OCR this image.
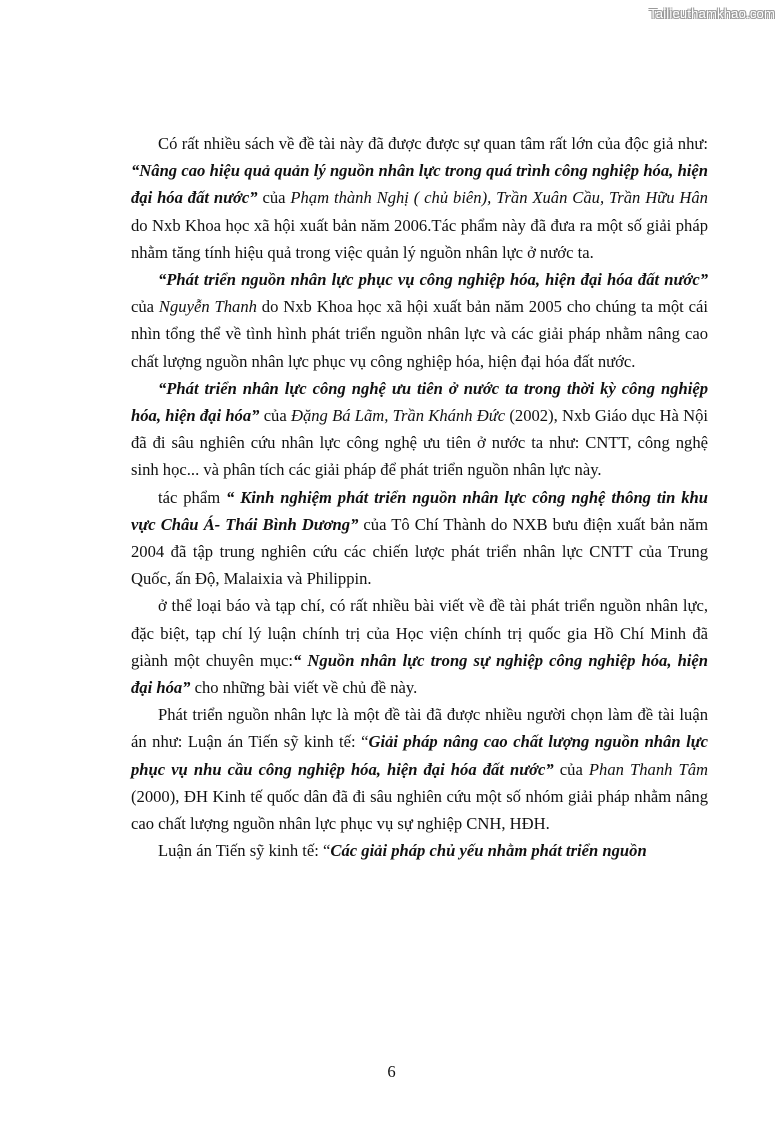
Tailieuthamkhao.com

Có rất nhiều sách về đề tài này đã được được sự quan tâm rất lớn của độc giả như: “Nâng cao hiệu quả quản lý nguồn nhân lực trong quá trình công nghiệp hóa, hiện đại hóa đất nước” của Phạm thành Nghị ( chủ biên), Trần Xuân Cầu, Trần Hữu Hân do Nxb Khoa học xã hội xuất bản năm 2006.Tác phẩm này đã đưa ra một số giải pháp nhằm tăng tính hiệu quả trong việc quản lý nguồn nhân lực ở nước ta.

“Phát triển nguồn nhân lực phục vụ công nghiệp hóa, hiện đại hóa đất nước” của Nguyễn Thanh do Nxb Khoa học xã hội xuất bản năm 2005 cho chúng ta một cái nhìn tổng thể về tình hình phát triển nguồn nhân lực và các giải pháp nhằm nâng cao chất lượng nguồn nhân lực phục vụ công nghiệp hóa, hiện đại hóa đất nước.

“Phát triển nhân lực công nghệ ưu tiên ở nước ta trong thời kỳ công nghiệp hóa, hiện đại hóa” của Đặng Bá Lãm, Trần Khánh Đức (2002), Nxb Giáo dục Hà Nội đã đi sâu nghiên cứu nhân lực công nghệ ưu tiên ở nước ta như: CNTT, công nghệ sinh học... và phân tích các giải pháp để phát triển nguồn nhân lực này.

tác phẩm “ Kinh nghiệm phát triển nguồn nhân lực công nghệ thông tin khu vực Châu Á- Thái Bình Dương” của Tô Chí Thành do NXB bưu điện xuất bản năm 2004 đã tập trung nghiên cứu các chiến lược phát triển nhân lực CNTT của Trung Quốc, ấn Độ, Malaixia và Philippin.

ở thể loại báo và tạp chí, có rất nhiều bài viết về đề tài phát triển nguồn nhân lực, đặc biệt, tạp chí lý luận chính trị của Học viện chính trị quốc gia Hồ Chí Minh đã giành một chuyên mục:“ Nguồn nhân lực trong sự nghiệp công nghiệp hóa, hiện đại hóa” cho những bài viết về chủ đề này.

Phát triển nguồn nhân lực là một đề tài đã được nhiều người chọn làm đề tài luận án như: Luận án Tiến sỹ kinh tế: “Giải pháp nâng cao chất lượng nguồn nhân lực phục vụ nhu cầu công nghiệp hóa, hiện đại hóa đất nước” của Phan Thanh Tâm (2000), ĐH Kinh tế quốc dân đã đi sâu nghiên cứu một số nhóm giải pháp nhằm nâng cao chất lượng nguồn nhân lực phục vụ sự nghiệp CNH, HĐH.

Luận án Tiến sỹ kinh tế: “Các giải pháp chủ yếu nhằm phát triển nguồn

6
